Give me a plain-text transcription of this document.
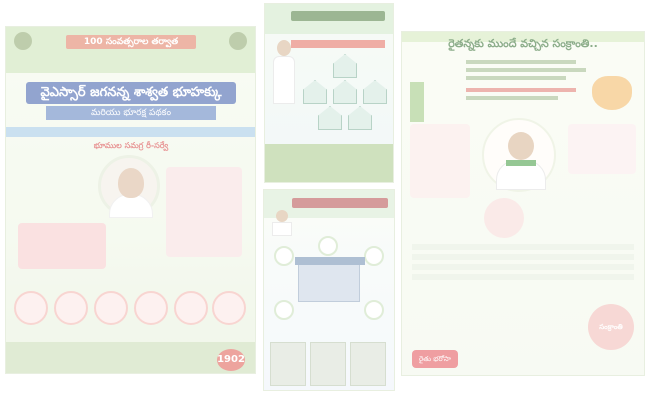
100 సంవత్సరాల తర్వాత
వైఎస్సార్ జగనన్న శాశ్వత భూహక్కు
మరియు భూరక్ష పథకం
భూముల సమగ్ర రీ-సర్వే
1902
రైతన్నకు ముందే వచ్చిన సంక్రాంతి..
సంక్రాంతి
రైతు భరోసా
